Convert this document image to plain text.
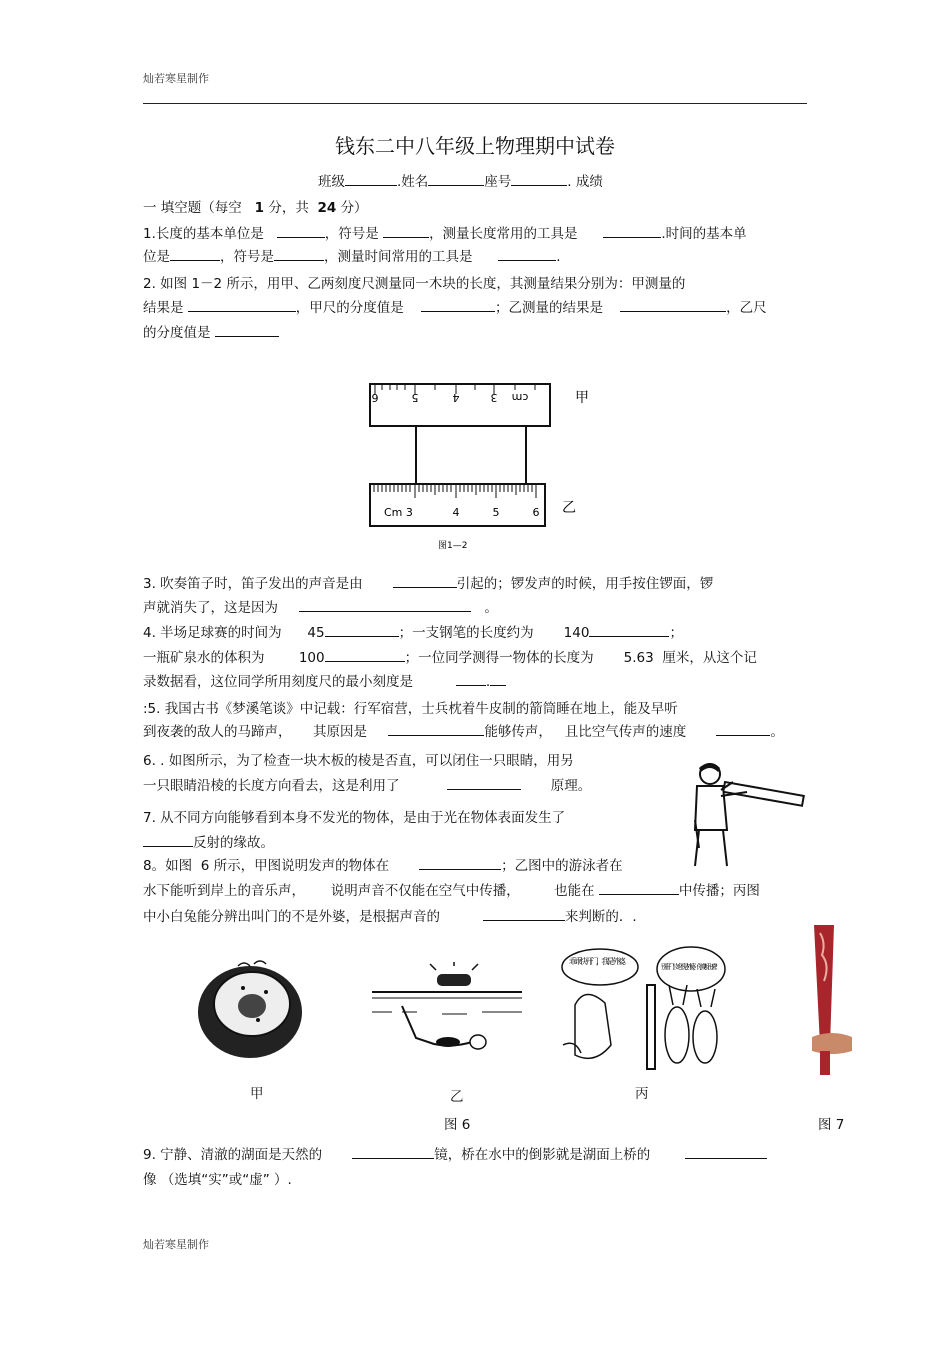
灿若寒星制作
钱东二中八年级上物理期中试卷
班级	.姓名	座号	. 成绩
一 填空题（每空 1 分，共 24 分）
1.长度的基本单位是	，符号是	，测量长度常用的工具是	.时间的基本单
位是	，符号是	，测量时间常用的工具是	.
2. 如图 1－2 所示，用甲、乙两刻度尺测量同一木块的长度，其测量结果分别为：甲测量的
结果是	，甲尺的分度值是	；乙测量的结果是	，乙尺
的分度值是
6	5	4	3 cm	甲
Cm 3	4	5	6 乙
图1—2
3. 吹奏笛子时，笛子发出的声音是由	引起的；锣发声的时候，用手按住锣面，锣
声就消失了，这是因为	。
4. 半场足球赛的时间为 45	；一支钢笔的长度约为 140	；
一瓶矿泉水的体积为	100	；一位同学测得一物体的长度为 5.63 厘米，从这个记
录数据看，这位同学所用刻度尺的最小刻度是	.
:5. 我国古书《梦溪笔谈》中记载：行军宿营，士兵枕着牛皮制的箭筒睡在地上，能及早听
到夜袭的敌人的马蹄声， 其原因是	能够传声， 且比空气传声的速度	。
6. . 如图所示，为了检查一块木板的棱是否直，可以闭住一只眼睛，用另
一只眼睛沿棱的长度方向看去，这是利用了	原理。
7. 从不同方向能够看到本身不发光的物体，是由于光在物体表面发生了
反射的缘故。
8。如图 6 所示，甲图说明发声的物体在	；乙图中的游泳者在
水下能听到岸上的音乐声， 说明声音不仅能在空气中传播，	也能在	中传播；丙图
中小白兔能分辨出叫门的不是外婆，是根据声音的	来判断的．.
甲	乙
乖乖快开门，我是外婆。
别开门！她不是外婆，你没听出来？
丙
图 6	图 7
9. 宁静、清澈的湖面是天然的	镜，桥在水中的倒影就是湖面上桥的
像 （选填“实”或“虚” ）.
灿若寒星制作
